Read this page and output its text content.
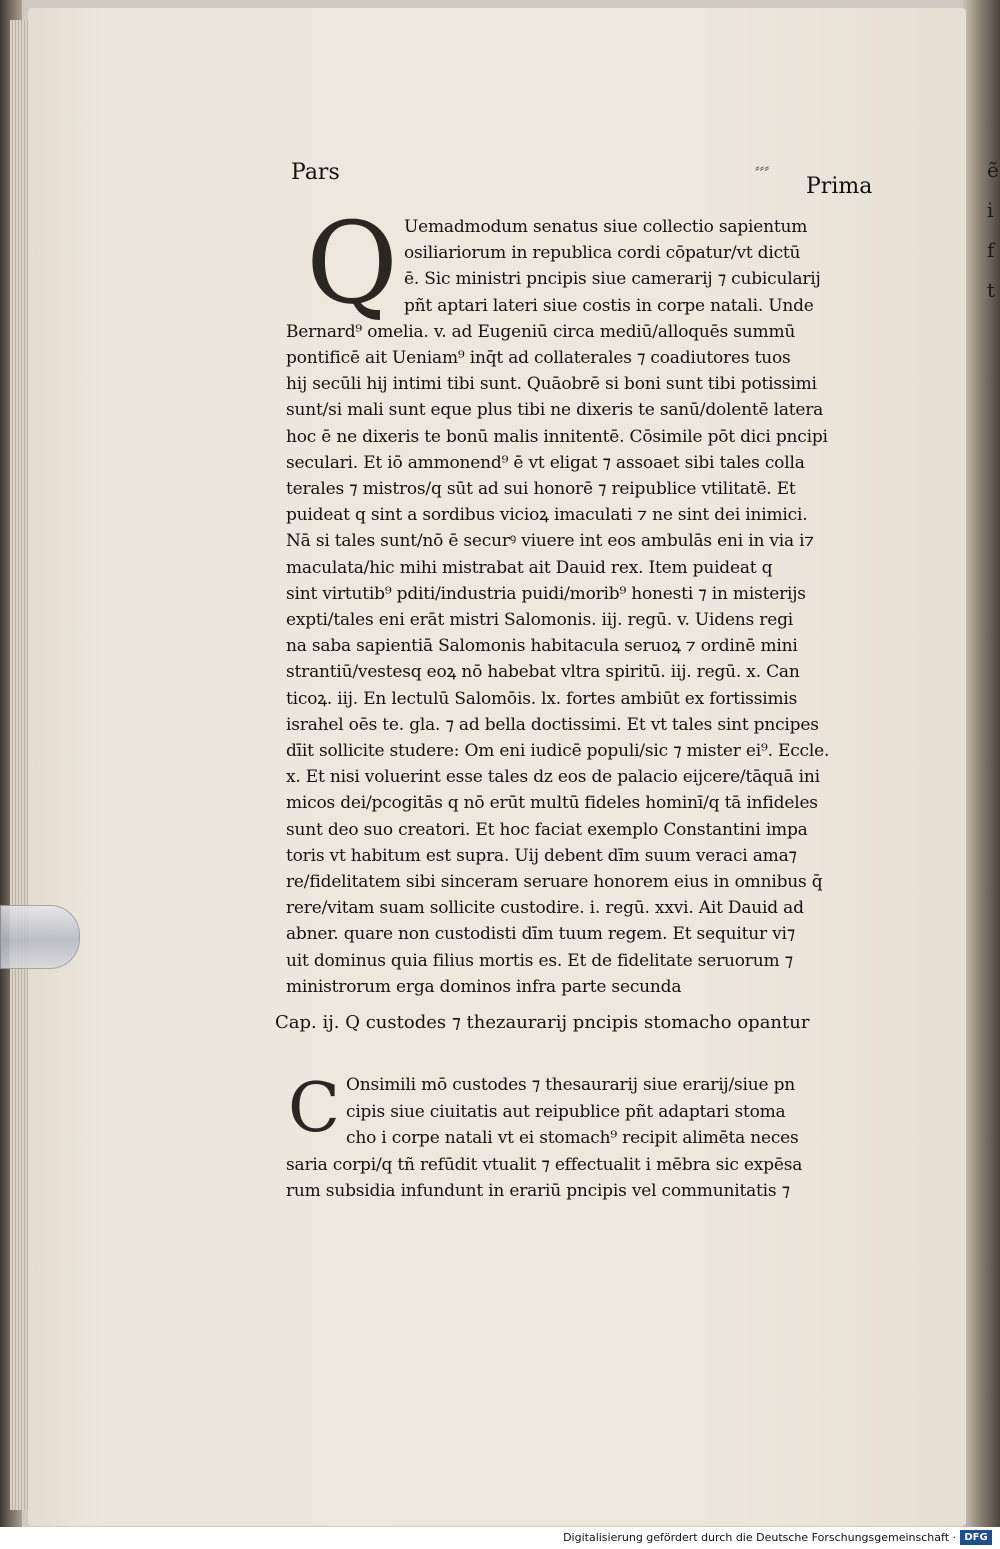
ẽ
i
f
t
Pars	⸗⸗⸗
Prima
Q Uemadmodum senatus siue collectio sapientum
osiliariorum in republica cordi cōpatur/vt dictū
ē. Sic ministri pncipis siue camerarij ⁊ cubicularij
pñt aptari lateri siue costis in corpe natali. Unde
Bernard⁹ omelia. v. ad Eugeniū circa mediū/alloquēs summū
pontificē ait Ueniam⁹ inq̄t ad collaterales ⁊ coadiutores tuos
hij secūli hij intimi tibi sunt. Quāobrē si boni sunt tibi potissimi
sunt/si mali sunt eque plus tibi ne dixeris te sanū/dolentē latera
hoc ē ne dixeris te bonū malis innitentē. Cōsimile pōt dici pncipi
seculari. Et iō ammonend⁹ ē vt eligat ⁊ assoaet sibi tales colla
terales ⁊ mistros/q sūt ad sui honorē ⁊ reipublice vtilitatē. Et
puideat q sint a sordibus vicioꝝ imaculati ⁊ ne sint dei inimici.
Nā si tales sunt/nō ē securꝰ viuere int eos ambulās eni in via i⁊
maculata/hic mihi mistrabat ait Dauid rex. Item puideat q
sint virtutib⁹ pditi/industria puidi/morib⁹ honesti ⁊ in misterijs
expti/tales eni erāt mistri Salomonis. iij. regū. v. Uidens regi
na saba sapientiā Salomonis habitacula seruoꝝ ⁊ ordinē mini
strantiū/vestesq eoꝝ nō habebat vltra spiritū. iij. regū. x. Can
ticoꝝ. iij. En lectulū Salomōis. lx. fortes ambiūt ex fortissimis
israhel oēs te. gla. ⁊ ad bella doctissimi. Et vt tales sint pncipes
dīit sollicite studere: Om eni iudicē populi/sic ⁊ mister ei⁹. Eccle.
x. Et nisi voluerint esse tales dz eos de palacio eijcere/tāquā ini
micos dei/pcogitās q nō erūt multū fideles hominī/q tā infideles
sunt deo suo creatori. Et hoc faciat exemplo Constantini impa
toris vt habitum est supra. Uij debent dīm suum veraci ama⁊
re/fidelitatem sibi sinceram seruare honorem eius in omnibus q̄
rere/vitam suam sollicite custodire. i. regū. xxvi. Ait Dauid ad
abner. quare non custodisti dīm tuum regem. Et sequitur vi⁊
uit dominus quia filius mortis es. Et de fidelitate seruorum ⁊
ministrorum erga dominos infra parte secunda
Cap. ij. Q custodes ⁊ thezaurarij pncipis stomacho opantur
C Onsimili mō custodes ⁊ thesaurarij siue erarij/siue pn
cipis siue ciuitatis aut reipublice pñt adaptari stoma
cho i corpe natali vt ei stomach⁹ recipit alimēta neces
saria corpi/q tñ refūdit vtualit ⁊ effectualit i mēbra sic expēsa
rum subsidia infundunt in erariū pncipis vel communitatis ⁊
Digitalisierung gefördert durch die Deutsche Forschungsgemeinschaft · DFG
